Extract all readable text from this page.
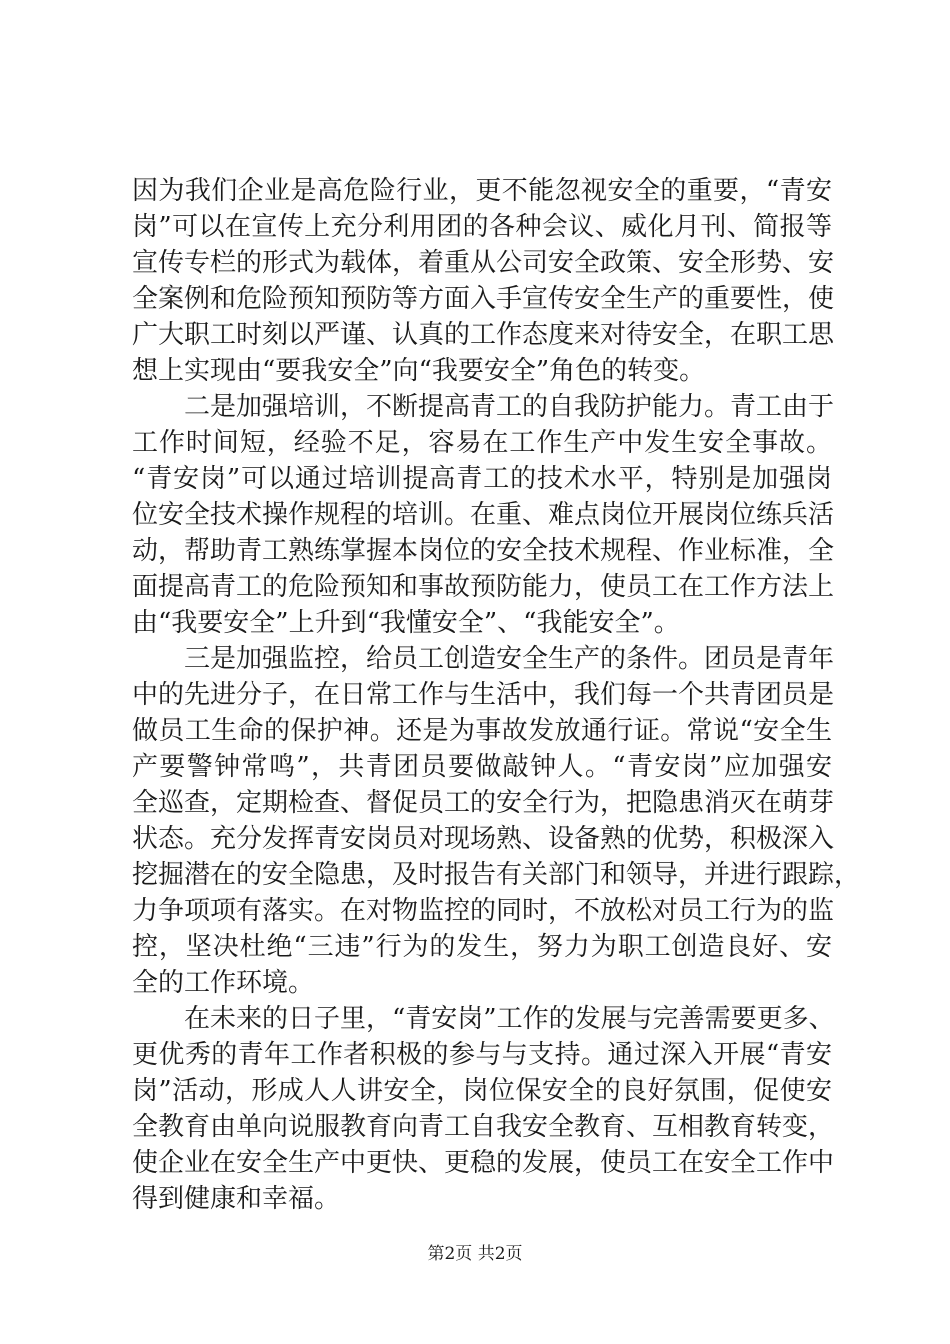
因为我们企业是高危险行业，更不能忽视安全的重要，“青安
岗”可以在宣传上充分利用团的各种会议、威化月刊、简报等
宣传专栏的形式为载体，着重从公司安全政策、安全形势、安
全案例和危险预知预防等方面入手宣传安全生产的重要性，使
广大职工时刻以严谨、认真的工作态度来对待安全，在职工思
想上实现由“要我安全”向“我要安全”角色的转变。
二是加强培训，不断提高青工的自我防护能力。青工由于
工作时间短，经验不足，容易在工作生产中发生安全事故。
“青安岗”可以通过培训提高青工的技术水平，特别是加强岗
位安全技术操作规程的培训。在重、难点岗位开展岗位练兵活
动，帮助青工熟练掌握本岗位的安全技术规程、作业标准，全
面提高青工的危险预知和事故预防能力，使员工在工作方法上
由“我要安全”上升到“我懂安全”、“我能安全”。
三是加强监控，给员工创造安全生产的条件。团员是青年
中的先进分子，在日常工作与生活中，我们每一个共青团员是
做员工生命的保护神。还是为事故发放通行证。常说“安全生
产要警钟常鸣”，共青团员要做敲钟人。“青安岗”应加强安
全巡查，定期检查、督促员工的安全行为，把隐患消灭在萌芽
状态。充分发挥青安岗员对现场熟、设备熟的优势，积极深入
挖掘潜在的安全隐患，及时报告有关部门和领导，并进行跟踪，
力争项项有落实。在对物监控的同时，不放松对员工行为的监
控，坚决杜绝“三违”行为的发生，努力为职工创造良好、安
全的工作环境。
在未来的日子里，“青安岗”工作的发展与完善需要更多、
更优秀的青年工作者积极的参与与支持。通过深入开展“青安
岗”活动，形成人人讲安全，岗位保安全的良好氛围，促使安
全教育由单向说服教育向青工自我安全教育、互相教育转变，
使企业在安全生产中更快、更稳的发展，使员工在安全工作中
得到健康和幸福。
第2页 共2页
